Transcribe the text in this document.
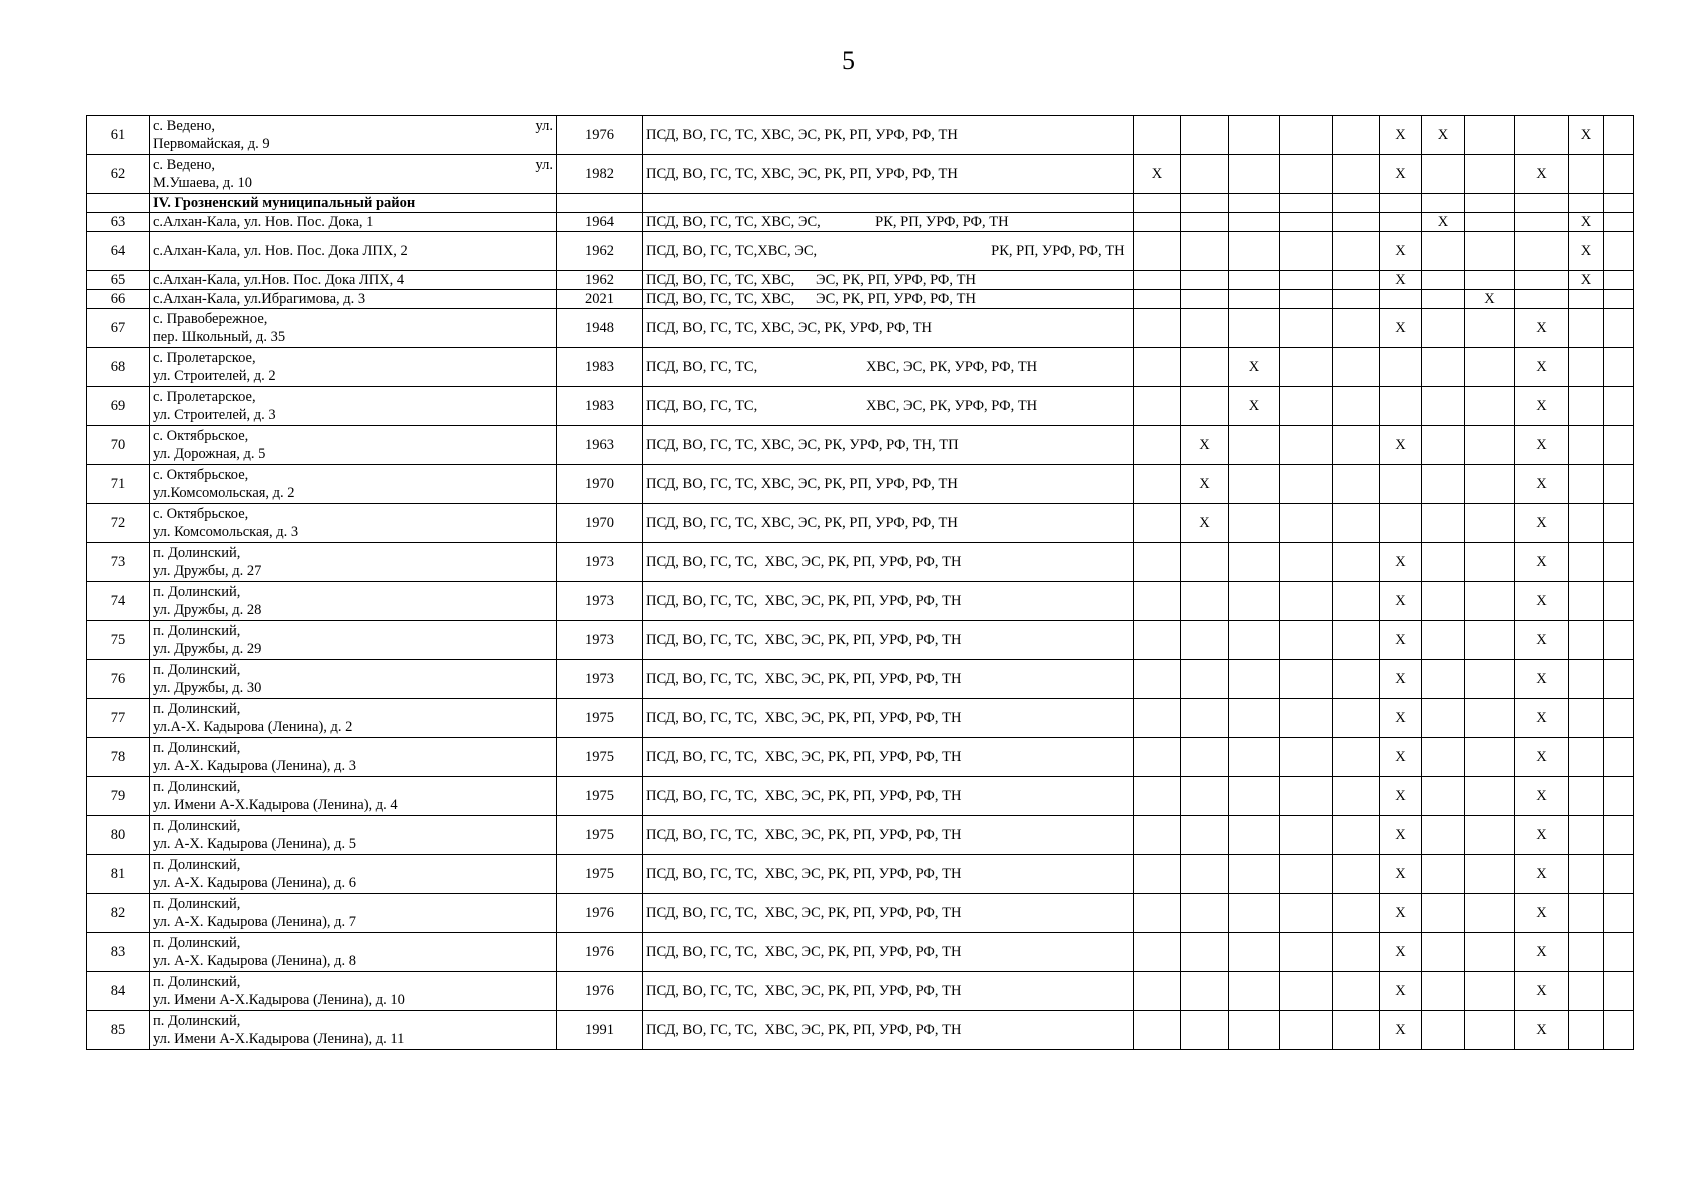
5
61	с. Ведено, ул.
Первомайская, д. 9	1976	ПСД, ВО, ГС, ТС, ХВС, ЭС, РК, РП, УРФ, РФ, ТН						X	X			X	
62	с. Ведено, ул.
М.Ушаева, д. 10	1982	ПСД, ВО, ГС, ТС, ХВС, ЭС, РК, РП, УРФ, РФ, ТН	X					X			X		
	IV. Грозненский муниципальный район													
63	с.Алхан-Кала, ул. Нов. Пос. Дока, 1	1964	ПСД, ВО, ГС, ТС, ХВС, ЭС,               РК, РП, УРФ, РФ, ТН							X			X	
64	с.Алхан-Кала, ул. Нов. Пос. Дока ЛПХ, 2	1962	ПСД, ВО, ГС, ТС,ХВС, ЭС,                                                РК, РП, УРФ, РФ, ТН						X				X	
65	с.Алхан-Кала, ул.Нов. Пос. Дока ЛПХ, 4	1962	ПСД, ВО, ГС, ТС, ХВС,      ЭС, РК, РП, УРФ, РФ, ТН						X				X	
66	с.Алхан-Кала, ул.Ибрагимова, д. 3	2021	ПСД, ВО, ГС, ТС, ХВС,      ЭС, РК, РП, УРФ, РФ, ТН								X			
67	с. Правобережное,
пер. Школьный, д. 35	1948	ПСД, ВО, ГС, ТС, ХВС, ЭС, РК, УРФ, РФ, ТН						X			X		
68	с. Пролетарское,
ул. Строителей, д. 2	1983	ПСД, ВО, ГС, ТС,                              ХВС, ЭС, РК, УРФ, РФ, ТН			X						X		
69	с. Пролетарское,
ул. Строителей, д. 3	1983	ПСД, ВО, ГС, ТС,                              ХВС, ЭС, РК, УРФ, РФ, ТН			X						X		
70	с. Октябрьское,
ул. Дорожная, д. 5	1963	ПСД, ВО, ГС, ТС, ХВС, ЭС, РК, УРФ, РФ, ТН, ТП		X				X			X		
71	с. Октябрьское,
ул.Комсомольская, д. 2	1970	ПСД, ВО, ГС, ТС, ХВС, ЭС, РК, РП, УРФ, РФ, ТН		X							X		
72	с. Октябрьское,
ул. Комсомольская, д. 3	1970	ПСД, ВО, ГС, ТС, ХВС, ЭС, РК, РП, УРФ, РФ, ТН		X							X		
73	п. Долинский,
ул. Дружбы, д. 27	1973	ПСД, ВО, ГС, ТС,  ХВС, ЭС, РК, РП, УРФ, РФ, ТН						X			X		
74	п. Долинский,
ул. Дружбы, д. 28	1973	ПСД, ВО, ГС, ТС,  ХВС, ЭС, РК, РП, УРФ, РФ, ТН						X			X		
75	п. Долинский,
ул. Дружбы, д. 29	1973	ПСД, ВО, ГС, ТС,  ХВС, ЭС, РК, РП, УРФ, РФ, ТН						X			X		
76	п. Долинский,
ул. Дружбы, д. 30	1973	ПСД, ВО, ГС, ТС,  ХВС, ЭС, РК, РП, УРФ, РФ, ТН						X			X		
77	п. Долинский,
ул.А-Х. Кадырова (Ленина), д. 2	1975	ПСД, ВО, ГС, ТС,  ХВС, ЭС, РК, РП, УРФ, РФ, ТН						X			X		
78	п. Долинский,
ул. А-Х. Кадырова (Ленина), д. 3	1975	ПСД, ВО, ГС, ТС,  ХВС, ЭС, РК, РП, УРФ, РФ, ТН						X			X		
79	п. Долинский,
ул. Имени А-Х.Кадырова (Ленина), д. 4	1975	ПСД, ВО, ГС, ТС,  ХВС, ЭС, РК, РП, УРФ, РФ, ТН						X			X		
80	п. Долинский,
ул. А-Х. Кадырова (Ленина), д. 5	1975	ПСД, ВО, ГС, ТС,  ХВС, ЭС, РК, РП, УРФ, РФ, ТН						X			X		
81	п. Долинский,
ул. А-Х. Кадырова (Ленина), д. 6	1975	ПСД, ВО, ГС, ТС,  ХВС, ЭС, РК, РП, УРФ, РФ, ТН						X			X		
82	п. Долинский,
ул. А-Х. Кадырова (Ленина), д. 7	1976	ПСД, ВО, ГС, ТС,  ХВС, ЭС, РК, РП, УРФ, РФ, ТН						X			X		
83	п. Долинский,
ул. А-Х. Кадырова (Ленина), д. 8	1976	ПСД, ВО, ГС, ТС,  ХВС, ЭС, РК, РП, УРФ, РФ, ТН						X			X		
84	п. Долинский,
ул. Имени А-Х.Кадырова (Ленина), д. 10	1976	ПСД, ВО, ГС, ТС,  ХВС, ЭС, РК, РП, УРФ, РФ, ТН						X			X		
85	п. Долинский,
ул. Имени А-Х.Кадырова (Ленина), д. 11	1991	ПСД, ВО, ГС, ТС,  ХВС, ЭС, РК, РП, УРФ, РФ, ТН						X			X		
